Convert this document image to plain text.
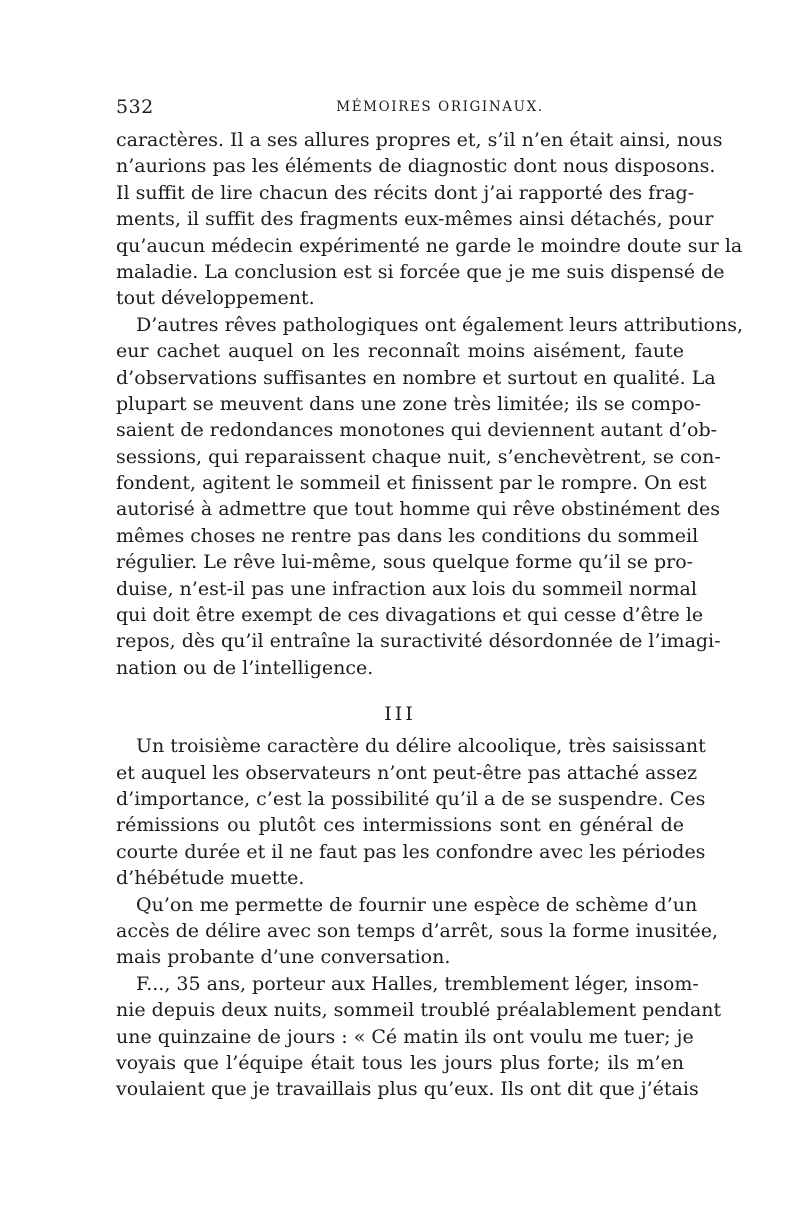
532	MÉMOIRES ORIGINAUX.
caractères. Il a ses allures propres et, s’il n’en était ainsi, nous
n’aurions pas les éléments de diagnostic dont nous disposons.
Il suffit de lire chacun des récits dont j’ai rapporté des frag-
ments, il suffit des fragments eux-mêmes ainsi détachés, pour
qu’aucun médecin expérimenté ne garde le moindre doute sur la
maladie. La conclusion est si forcée que je me suis dispensé de
tout développement.
D’autres rêves pathologiques ont également leurs attributions,
eur cachet auquel on les reconnaît moins aisément, faute
d’observations suffisantes en nombre et surtout en qualité. La
plupart se meuvent dans une zone très limitée; ils se compo-
saient de redondances monotones qui deviennent autant d’ob-
sessions, qui reparaissent chaque nuit, s’enchevètrent, se con-
fondent, agitent le sommeil et finissent par le rompre. On est
autorisé à admettre que tout homme qui rêve obstinément des
mêmes choses ne rentre pas dans les conditions du sommeil
régulier. Le rêve lui-même, sous quelque forme qu’il se pro-
duise, n’est-il pas une infraction aux lois du sommeil normal
qui doit être exempt de ces divagations et qui cesse d’être le
repos, dès qu’il entraîne la suractivité désordonnée de l’imagi-
nation ou de l’intelligence.
III
Un troisième caractère du délire alcoolique, très saisissant
et auquel les observateurs n’ont peut-être pas attaché assez
d’importance, c’est la possibilité qu’il a de se suspendre. Ces
rémissions ou plutôt ces intermissions sont en général de
courte durée et il ne faut pas les confondre avec les périodes
d’hébétude muette.
Qu’on me permette de fournir une espèce de schème d’un
accès de délire avec son temps d’arrêt, sous la forme inusitée,
mais probante d’une conversation.
F..., 35 ans, porteur aux Halles, tremblement léger, insom-
nie depuis deux nuits, sommeil troublé préalablement pendant
une quinzaine de jours : « Cé matin ils ont voulu me tuer; je
voyais que l’équipe était tous les jours plus forte; ils m’en
voulaient que je travaillais plus qu’eux. Ils ont dit que j’étais
